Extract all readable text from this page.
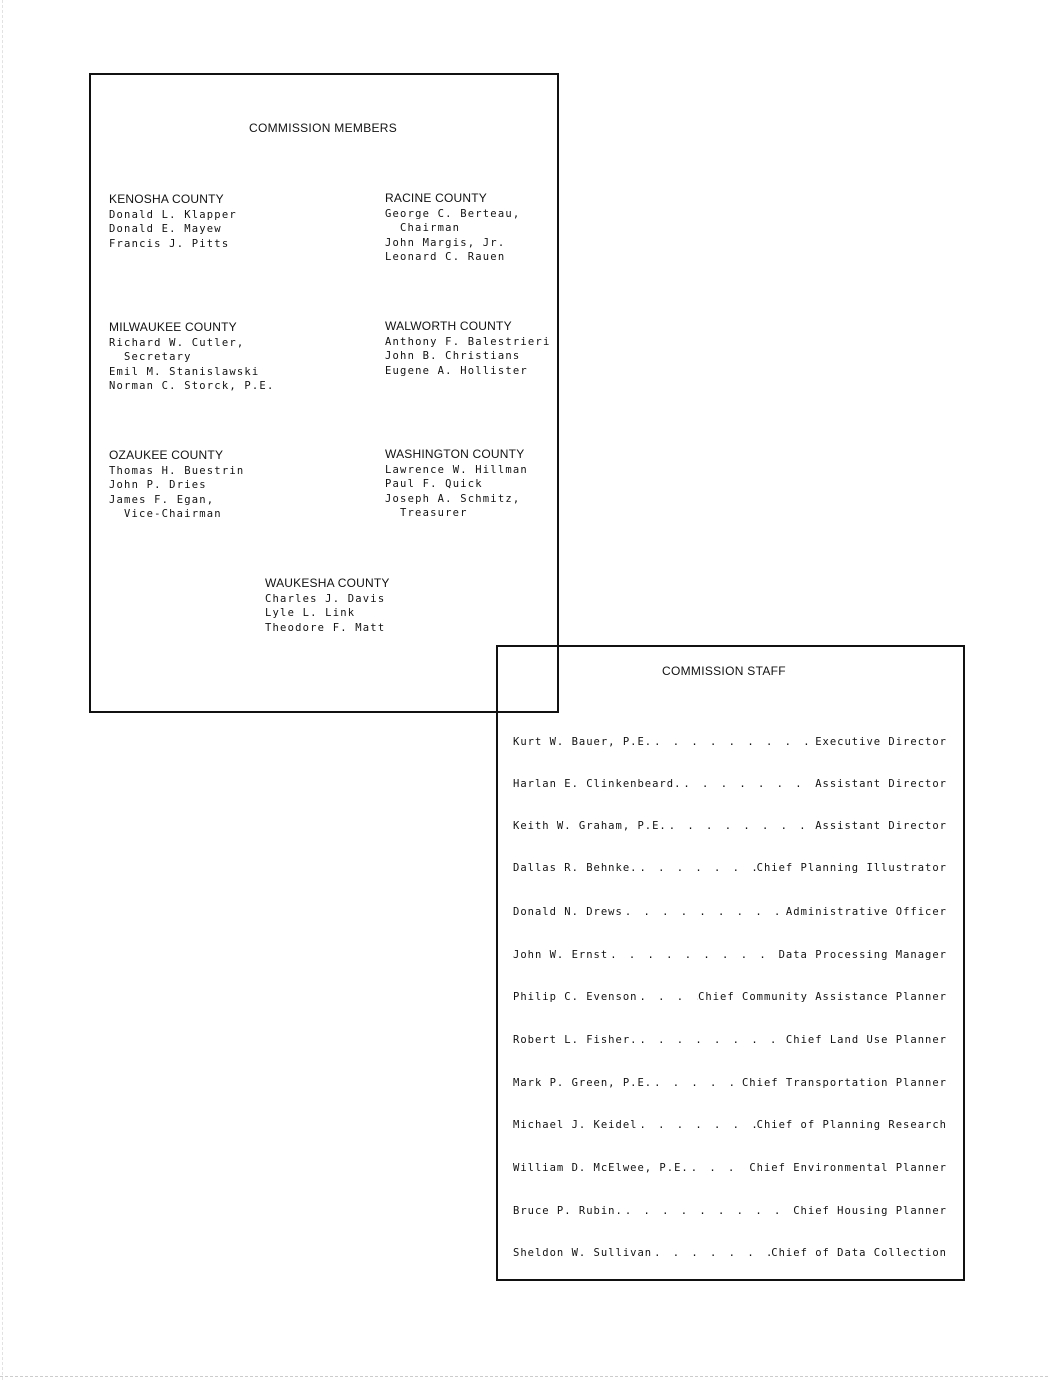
COMMISSION MEMBERS
KENOSHA COUNTY
Donald L. Klapper
Donald E. Mayew
Francis J. Pitts
RACINE COUNTY
George C. Berteau,
Chairman
John Margis, Jr.
Leonard C. Rauen
MILWAUKEE COUNTY
Richard W. Cutler,
Secretary
Emil M. Stanislawski
Norman C. Storck, P.E.
WALWORTH COUNTY
Anthony F. Balestrieri
John B. Christians
Eugene A. Hollister
OZAUKEE COUNTY
Thomas H. Buestrin
John P. Dries
James F. Egan,
Vice-Chairman
WASHINGTON COUNTY
Lawrence W. Hillman
Paul F. Quick
Joseph A. Schmitz,
Treasurer
WAUKESHA COUNTY
Charles J. Davis
Lyle L. Link
Theodore F. Matt
COMMISSION STAFF
Kurt W. Bauer, P.E. . . .	Executive Director
Harlan E. Clinkenbeard. . . .	Assistant Director
Keith W. Graham, P.E. . . .	Assistant Director
Dallas R. Behnke. . . .	Chief Planning Illustrator
Donald N. Drews . . .	Administrative Officer
John W. Ernst . . .	Data Processing Manager
Philip C. Evenson . . .	Chief Community Assistance Planner
Robert L. Fisher. . . .	Chief Land Use Planner
Mark P. Green, P.E. . . .	Chief Transportation Planner
Michael J. Keidel . . .	Chief of Planning Research
William D. McElwee, P.E. . . .	Chief Environmental Planner
Bruce P. Rubin. . . .	Chief Housing Planner
Sheldon W. Sullivan . . .	Chief of Data Collection
